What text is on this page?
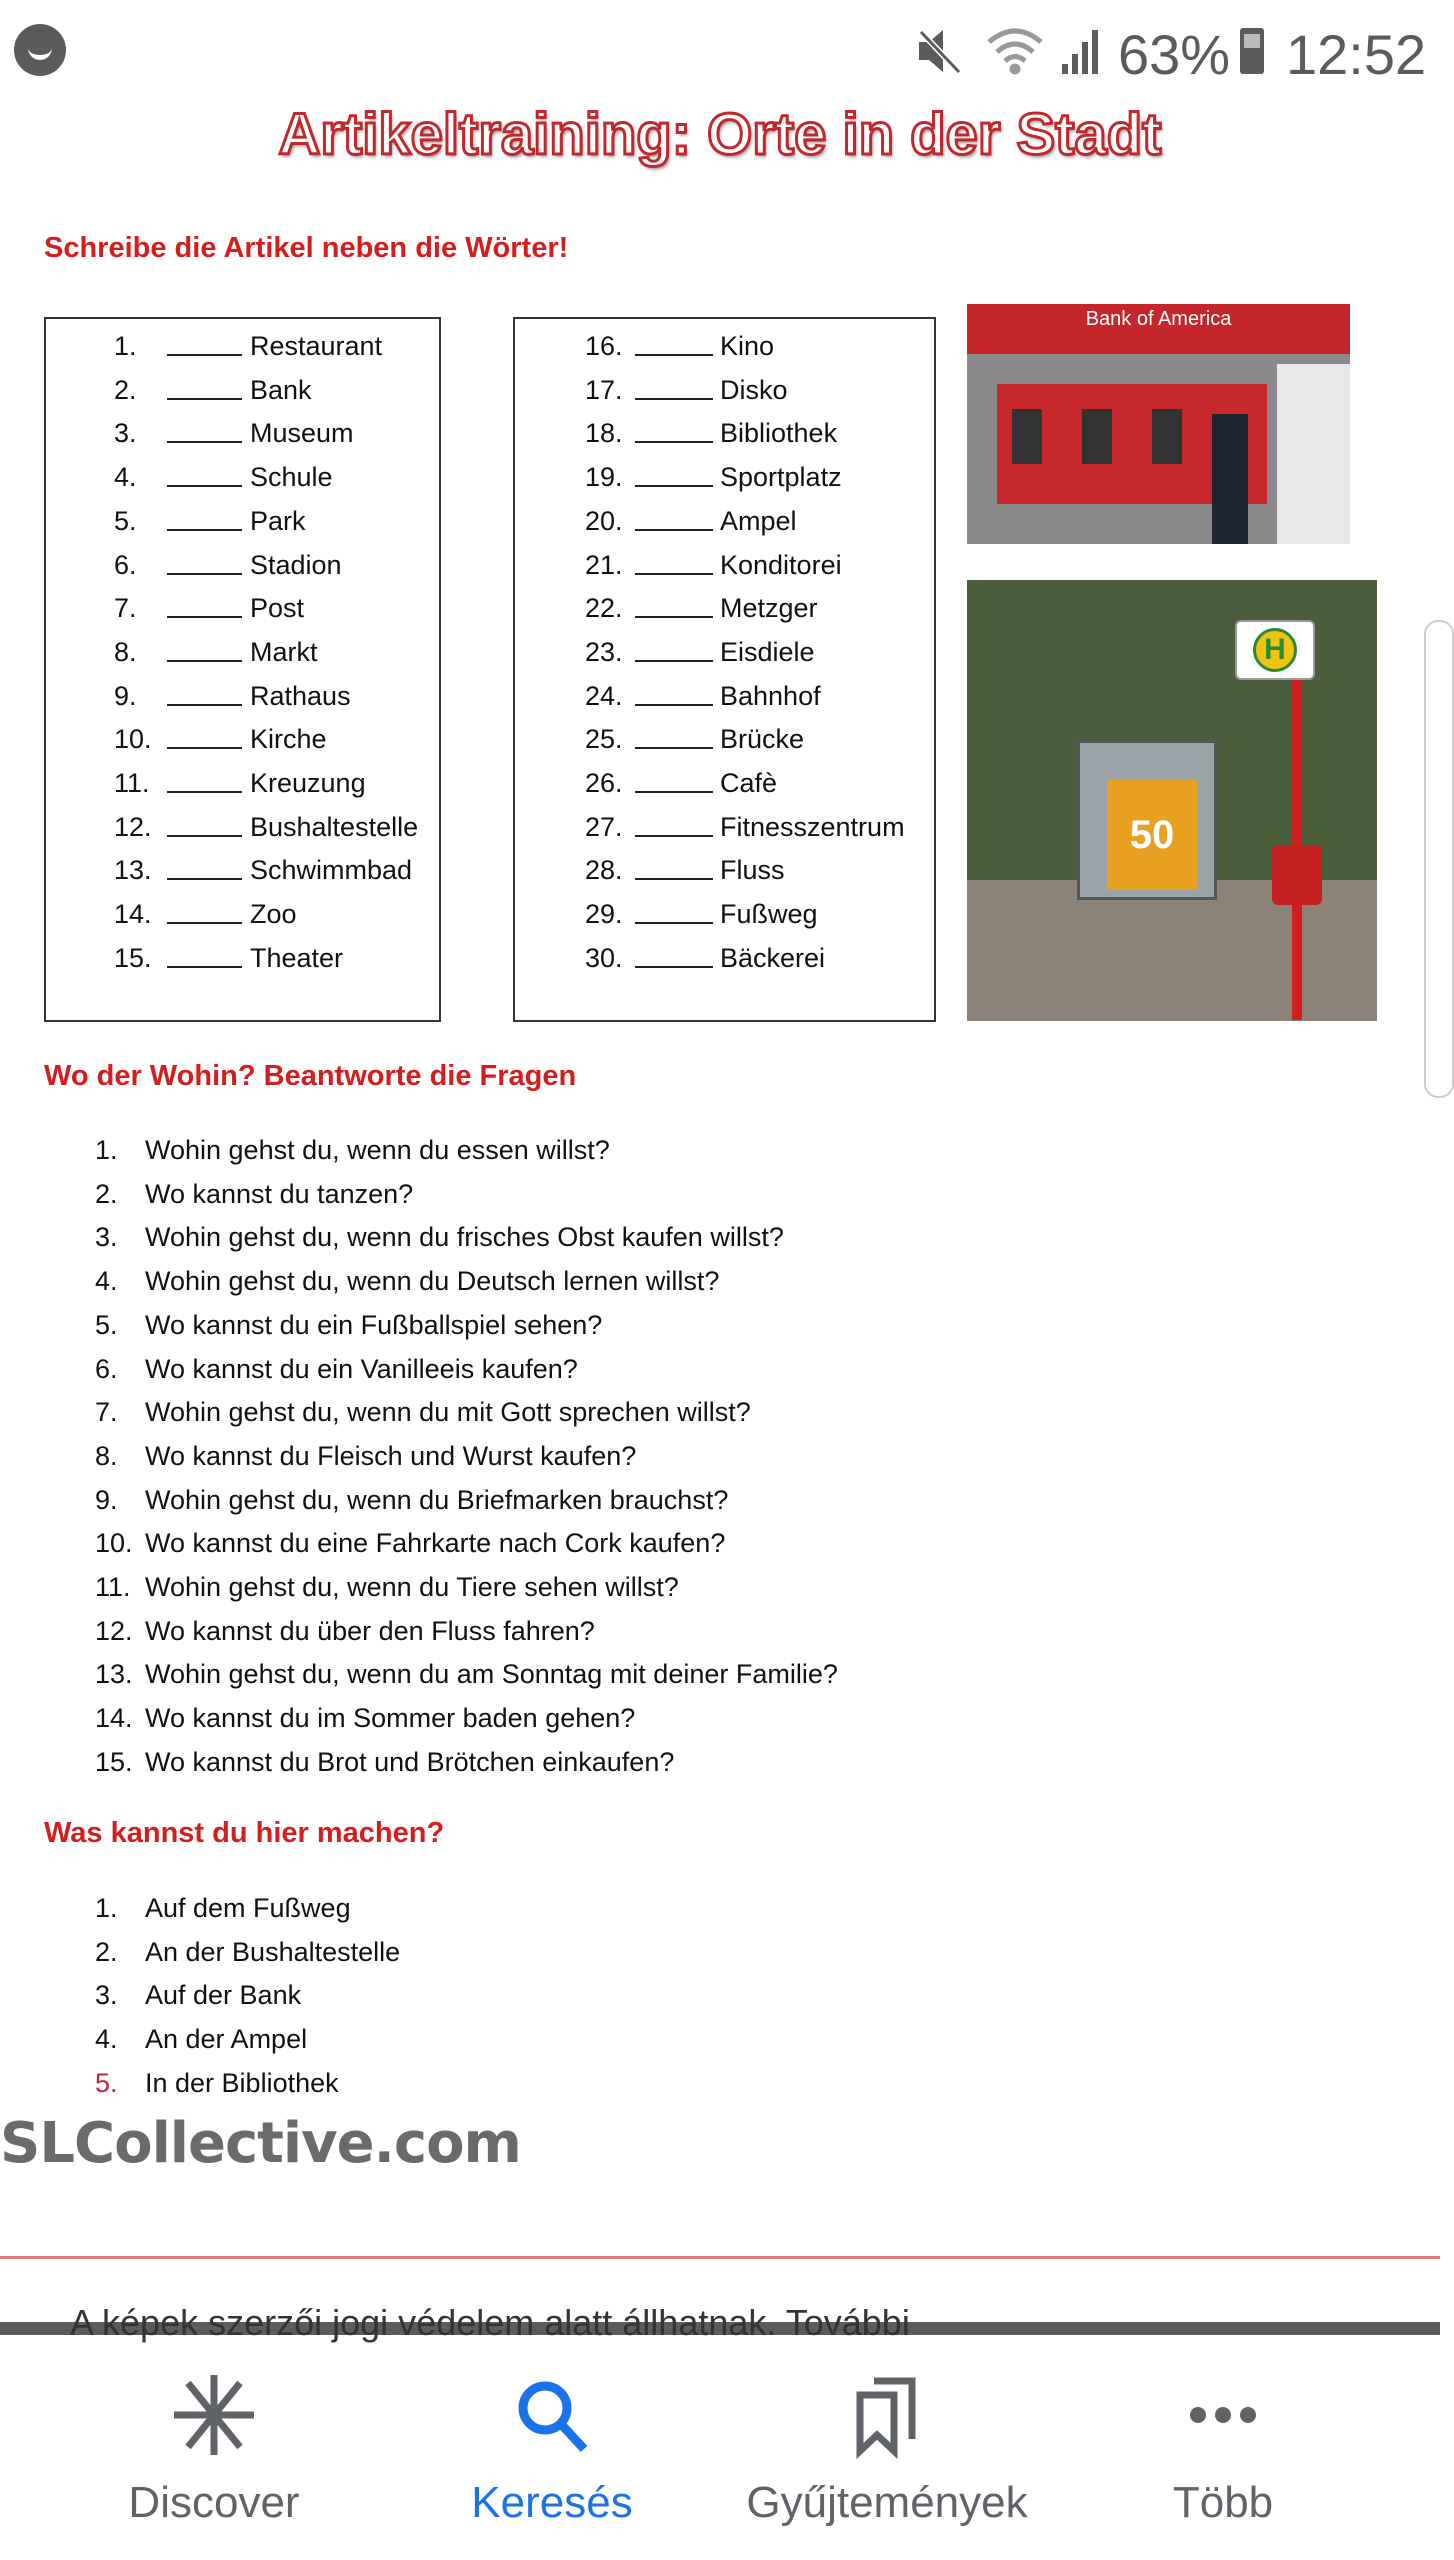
63% 12:52
Artikeltraining: Orte in der Stadt
Schreibe die Artikel neben die Wörter!
Bank of America
50
H
Wo der Wohin? Beantworte die Fragen
Was kannst du hier machen?
SLCollective.com
A képek szerzői jogi védelem alatt állhatnak. További
Discover	Keresés	Gyűjtemények	Több
1.	Restaurant
2.	Bank
3.	Museum
4.	Schule
5.	Park
6.	Stadion
7.	Post
8.	Markt
9.	Rathaus
10.	Kirche
11.	Kreuzung
12.	Bushaltestelle
13.	Schwimmbad
14.	Zoo
15.	Theater
16.	Kino
17.	Disko
18.	Bibliothek
19.	Sportplatz
20.	Ampel
21.	Konditorei
22.	Metzger
23.	Eisdiele
24.	Bahnhof
25.	Brücke
26.	Cafè
27.	Fitnesszentrum
28.	Fluss
29.	Fußweg
30.	Bäckerei
1. Wohin gehst du, wenn du essen willst?
2. Wo kannst du tanzen?
3. Wohin gehst du, wenn du frisches Obst kaufen willst?
4. Wohin gehst du, wenn du Deutsch lernen willst?
5. Wo kannst du ein Fußballspiel sehen?
6. Wo kannst du ein Vanilleeis kaufen?
7. Wohin gehst du, wenn du mit Gott sprechen willst?
8. Wo kannst du Fleisch und Wurst kaufen?
9. Wohin gehst du, wenn du Briefmarken brauchst?
10. Wo kannst du eine Fahrkarte nach Cork kaufen?
11. Wohin gehst du, wenn du Tiere sehen willst?
12. Wo kannst du über den Fluss fahren?
13. Wohin gehst du, wenn du am Sonntag mit deiner Familie?
14. Wo kannst du im Sommer baden gehen?
15. Wo kannst du Brot und Brötchen einkaufen?
1. Auf dem Fußweg
2. An der Bushaltestelle
3. Auf der Bank
4. An der Ampel
5. In der Bibliothek
